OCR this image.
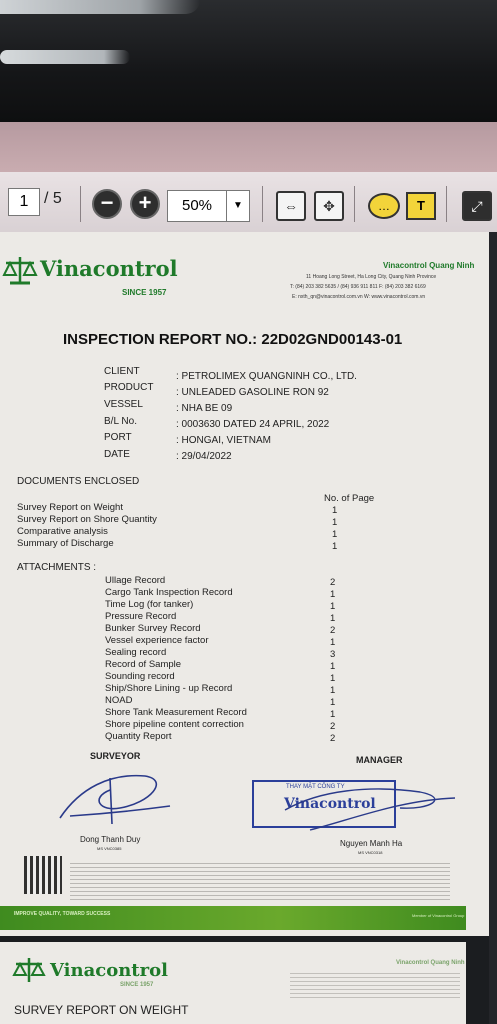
1 / 5	−	+	50%	▼	⇔	✥	…	T	⤢
Vinacontrol
SINCE 1957
Vinacontrol Quang Ninh
11 Hoang Long Street, Ha Long City, Quang Ninh Province
T: (84) 203 382 5635 / (84) 936 911 811 F: (84) 203 382 6169
E: nxth_qn@vinacontrol.com.vn W: www.vinacontrol.com.vn
INSPECTION REPORT NO.: 22D02GND00143-01
CLIENT	: PETROLIMEX QUANGNINH CO., LTD.
PRODUCT : UNLEADED GASOLINE RON 92
VESSEL	: NHA BE 09
B/L No.	: 0003630 DATED 24 APRIL, 2022
PORT	: HONGAI, VIETNAM
DATE	: 29/04/2022
DOCUMENTS ENCLOSED
No. of Page
Survey Report on Weight	1
Survey Report on Shore Quantity	1
Comparative analysis	1
Summary of Discharge	1
ATTACHMENTS :
Ullage Record	2
Cargo Tank Inspection Record	1
Time Log (for tanker)	1
Pressure Record	1
Bunker Survey Record	2
Vessel experience factor	1
Sealing record	3
Record of Sample	1
Sounding record	1
Ship/Shore Lining - up Record	1
NOAD	1
Shore Tank Measurement Record	1
Shore pipeline content correction	2
Quantity Report	2
SURVEYOR	MANAGER
Dong Thanh Duy
MS VNC0385
THAY MẶT CÔNG TY
Vinacontrol
Nguyen Manh Ha
MS VNC0318
IMPROVE QUALITY, TOWARD SUCCESS	Member of Vinacontrol Group
Vinacontrol
SINCE 1957
Vinacontrol Quang Ninh
SURVEY REPORT ON WEIGHT
